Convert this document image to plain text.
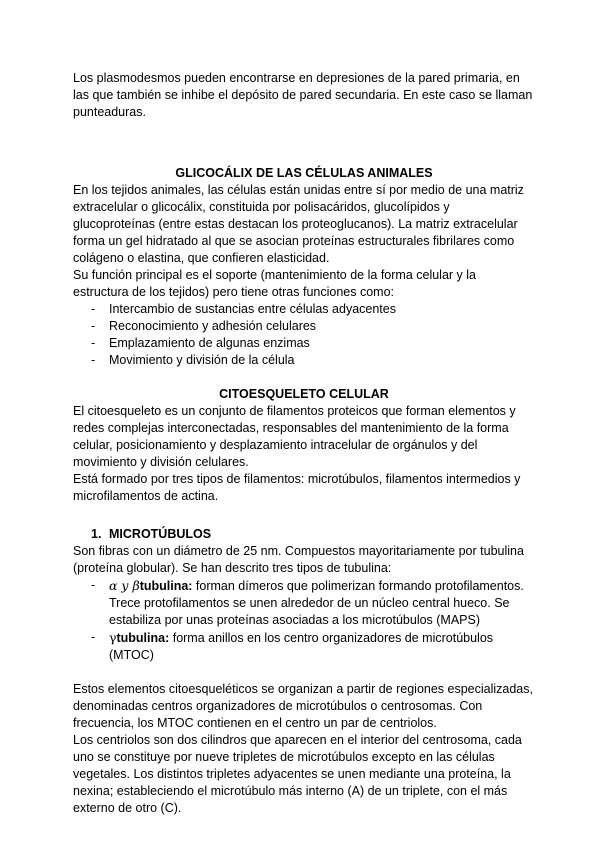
Los plasmodesmos pueden encontrarse en depresiones de la pared primaria, en las que también se inhibe el depósito de pared secundaria. En este caso se llaman punteaduras.

GLICOCÁLIX DE LAS CÉLULAS ANIMALES

En los tejidos animales, las células están unidas entre sí por medio de una matriz extracelular o glicocálix, constituida por polisacáridos, glucolípidos y glucoproteínas (entre estas destacan los proteoglucanos). La matriz extracelular forma un gel hidratado al que se asocian proteínas estructurales fibrilares como colágeno o elastina, que confieren elasticidad.

Su función principal es el soporte (mantenimiento de la forma celular y la estructura de los tejidos) pero tiene otras funciones como:

- Intercambio de sustancias entre células adyacentes
- Reconocimiento y adhesión celulares
- Emplazamiento de algunas enzimas
- Movimiento y división de la célula

CITOESQUELETO CELULAR

El citoesqueleto es un conjunto de filamentos proteicos que forman elementos y redes complejas interconectadas, responsables del mantenimiento de la forma celular, posicionamiento y desplazamiento intracelular de orgánulos y del movimiento y división celulares.

Está formado por tres tipos de filamentos: microtúbulos, filamentos intermedios y microfilamentos de actina.

1. MICROTÚBULOS

Son fibras con un diámetro de 25 nm. Compuestos mayoritariamente por tubulina (proteína globular). Se han descrito tres tipos de tubulina:

- α y βtubulina: forman dímeros que polimerizan formando protofilamentos. Trece protofilamentos se unen alrededor de un núcleo central hueco. Se estabiliza por unas proteínas asociadas a los microtúbulos (MAPS)
- γtubulina: forma anillos en los centro organizadores de microtúbulos (MTOC)

Estos elementos citoesqueléticos se organizan a partir de regiones especializadas, denominadas centros organizadores de microtúbulos o centrosomas. Con frecuencia, los MTOC contienen en el centro un par de centriolos.

Los centriolos son dos cilindros que aparecen en el interior del centrosoma, cada uno se constituye por nueve tripletes de microtúbulos excepto en las células vegetales. Los distintos tripletes adyacentes se unen mediante una proteína, la nexina; estableciendo el microtúbulo más interno (A) de un triplete, con el más externo de otro (C).
